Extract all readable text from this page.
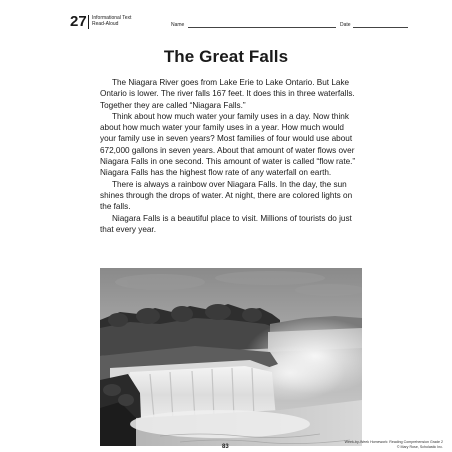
27 Informational Text
Read-Aloud	Name	Date
The Great Falls

The Niagara River goes from Lake Erie to Lake Ontario. But Lake Ontario is lower. The river falls 167 feet. It does this in three waterfalls. Together they are called “Niagara Falls.”

Think about how much water your family uses in a day. Now think about how much water your family uses in a year. How much would your family use in seven years? Most families of four would use about 672,000 gallons in seven years. About that amount of water flows over Niagara Falls in one second. This amount of water is called “flow rate.” Niagara Falls has the highest flow rate of any waterfall on earth.

There is always a rainbow over Niagara Falls. In the day, the sun shines through the drops of water. At night, there are colored lights on the falls.

Niagara Falls is a beautiful place to visit. Millions of tourists do just that every year.

83
Week-by-Week Homework: Reading Comprehension Grade 2
© Mary Rose, Scholastic Inc.
